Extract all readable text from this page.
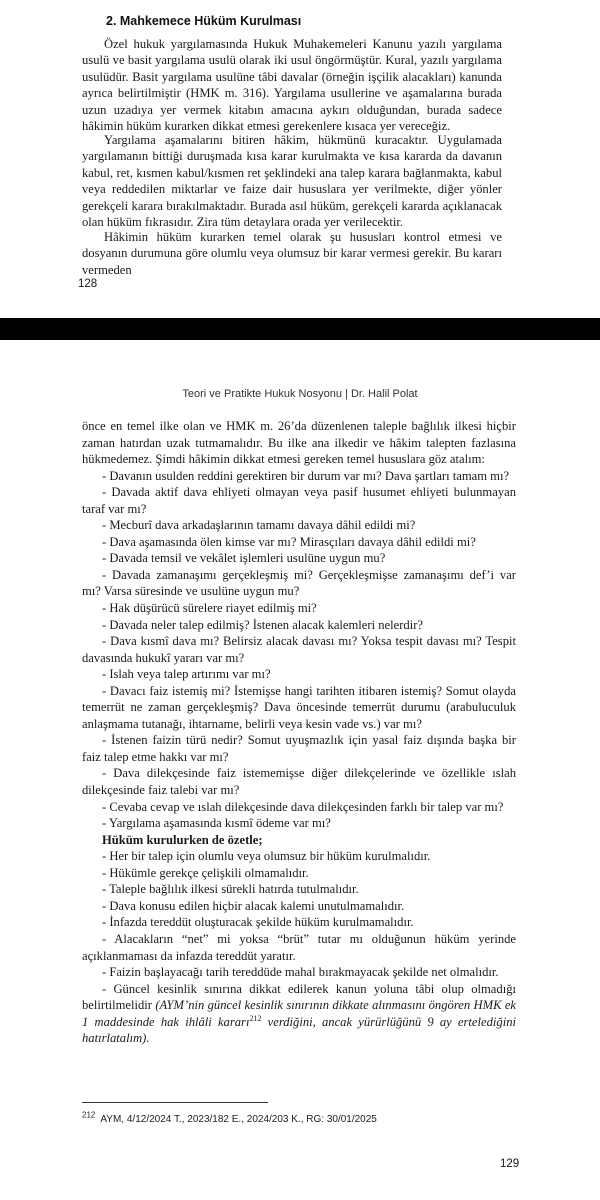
2. Mahkemece Hüküm Kurulması

Özel hukuk yargılamasında Hukuk Muhakemeleri Kanunu yazılı yargılama usulü ve basit yargılama usulü olarak iki usul öngörmüştür. Kural, yazılı yargılama usulüdür. Basit yargılama usulüne tâbi davalar (örneğin işçilik alacakları) kanunda ayrıca belirtilmiştir (HMK m. 316). Yargılama usullerine ve aşamalarına burada uzun uzadıya yer vermek kitabın amacına aykırı olduğundan, burada sadece hâkimin hüküm kurarken dikkat etmesi gerekenlere kısaca yer vereceğiz.

Yargılama aşamalarını bitiren hâkim, hükmünü kuracaktır. Uygulamada yargılamanın bittiği duruşmada kısa karar kurulmakta ve kısa kararda da davanın kabul, ret, kısmen kabul/kısmen ret şeklindeki ana talep karara bağlanmakta, kabul veya reddedilen miktarlar ve faize dair hususlara yer verilmekte, diğer yönler gerekçeli karara bırakılmaktadır. Burada asıl hüküm, gerekçeli kararda açıklanacak olan hüküm fıkrasıdır. Zira tüm detaylara orada yer verilecektir.

Hâkimin hüküm kurarken temel olarak şu hususları kontrol etmesi ve dosyanın durumuna göre olumlu veya olumsuz bir karar vermesi gerekir. Bu kararı vermeden

128
Teori ve Pratikte Hukuk Nosyonu | Dr. Halil Polat

önce en temel ilke olan ve HMK m. 26’da düzenlenen taleple bağlılık ilkesi hiçbir zaman hatırdan uzak tutmamalıdır. Bu ilke ana ilkedir ve hâkim talepten fazlasına hükmedemez. Şimdi hâkimin dikkat etmesi gereken temel hususlara göz atalım:

- Davanın usulden reddini gerektiren bir durum var mı? Dava şartları tamam mı?

- Davada aktif dava ehliyeti olmayan veya pasif husumet ehliyeti bulunmayan taraf var mı?

- Mecburî dava arkadaşlarının tamamı davaya dâhil edildi mi?

- Dava aşamasında ölen kimse var mı? Mirasçıları davaya dâhil edildi mi?

- Davada temsil ve vekâlet işlemleri usulüne uygun mu?

- Davada zamanaşımı gerçekleşmiş mi? Gerçekleşmişse zamanaşımı def’i var mı? Varsa süresinde ve usulüne uygun mu?

- Hak düşürücü sürelere riayet edilmiş mi?

- Davada neler talep edilmiş? İstenen alacak kalemleri nelerdir?

- Dava kısmî dava mı? Belirsiz alacak davası mı? Yoksa tespit davası mı? Tespit davasında hukukî yararı var mı?

- Islah veya talep artırımı var mı?

- Davacı faiz istemiş mi? İstemişse hangi tarihten itibaren istemiş? Somut olayda temerrüt ne zaman gerçekleşmiş? Dava öncesinde temerrüt durumu (arabuluculuk anlaşmama tutanağı, ihtarname, belirli veya kesin vade vs.) var mı?

- İstenen faizin türü nedir? Somut uyuşmazlık için yasal faiz dışında başka bir faiz talep etme hakkı var mı?

- Dava dilekçesinde faiz istememişse diğer dilekçelerinde ve özellikle ıslah dilekçesinde faiz talebi var mı?

- Cevaba cevap ve ıslah dilekçesinde dava dilekçesinden farklı bir talep var mı?

- Yargılama aşamasında kısmî ödeme var mı?

Hüküm kurulurken de özetle;

- Her bir talep için olumlu veya olumsuz bir hüküm kurulmalıdır.

- Hükümle gerekçe çelişkili olmamalıdır.

- Taleple bağlılık ilkesi sürekli hatırda tutulmalıdır.

- Dava konusu edilen hiçbir alacak kalemi unutulmamalıdır.

- İnfazda tereddüt oluşturacak şekilde hüküm kurulmamalıdır.

- Alacakların “net” mi yoksa “brüt” tutar mı olduğunun hüküm yerinde açıklanmaması da infazda tereddüt yaratır.

- Faizin başlayacağı tarih tereddüde mahal bırakmayacak şekilde net olmalıdır.

- Güncel kesinlik sınırına dikkat edilerek kanun yoluna tâbi olup olmadığı belirtilmelidir (AYM’nin güncel kesinlik sınırının dikkate alınmasını öngören HMK ek 1 maddesinde hak ihlâli kararı$^{212}$ verdiğini, ancak yürürlüğünü 9 ay ertelediğini hatırlatalım).

$^{212}$ AYM, 4/12/2024 T., 2023/182 E., 2024/203 K., RG: 30/01/2025
129
